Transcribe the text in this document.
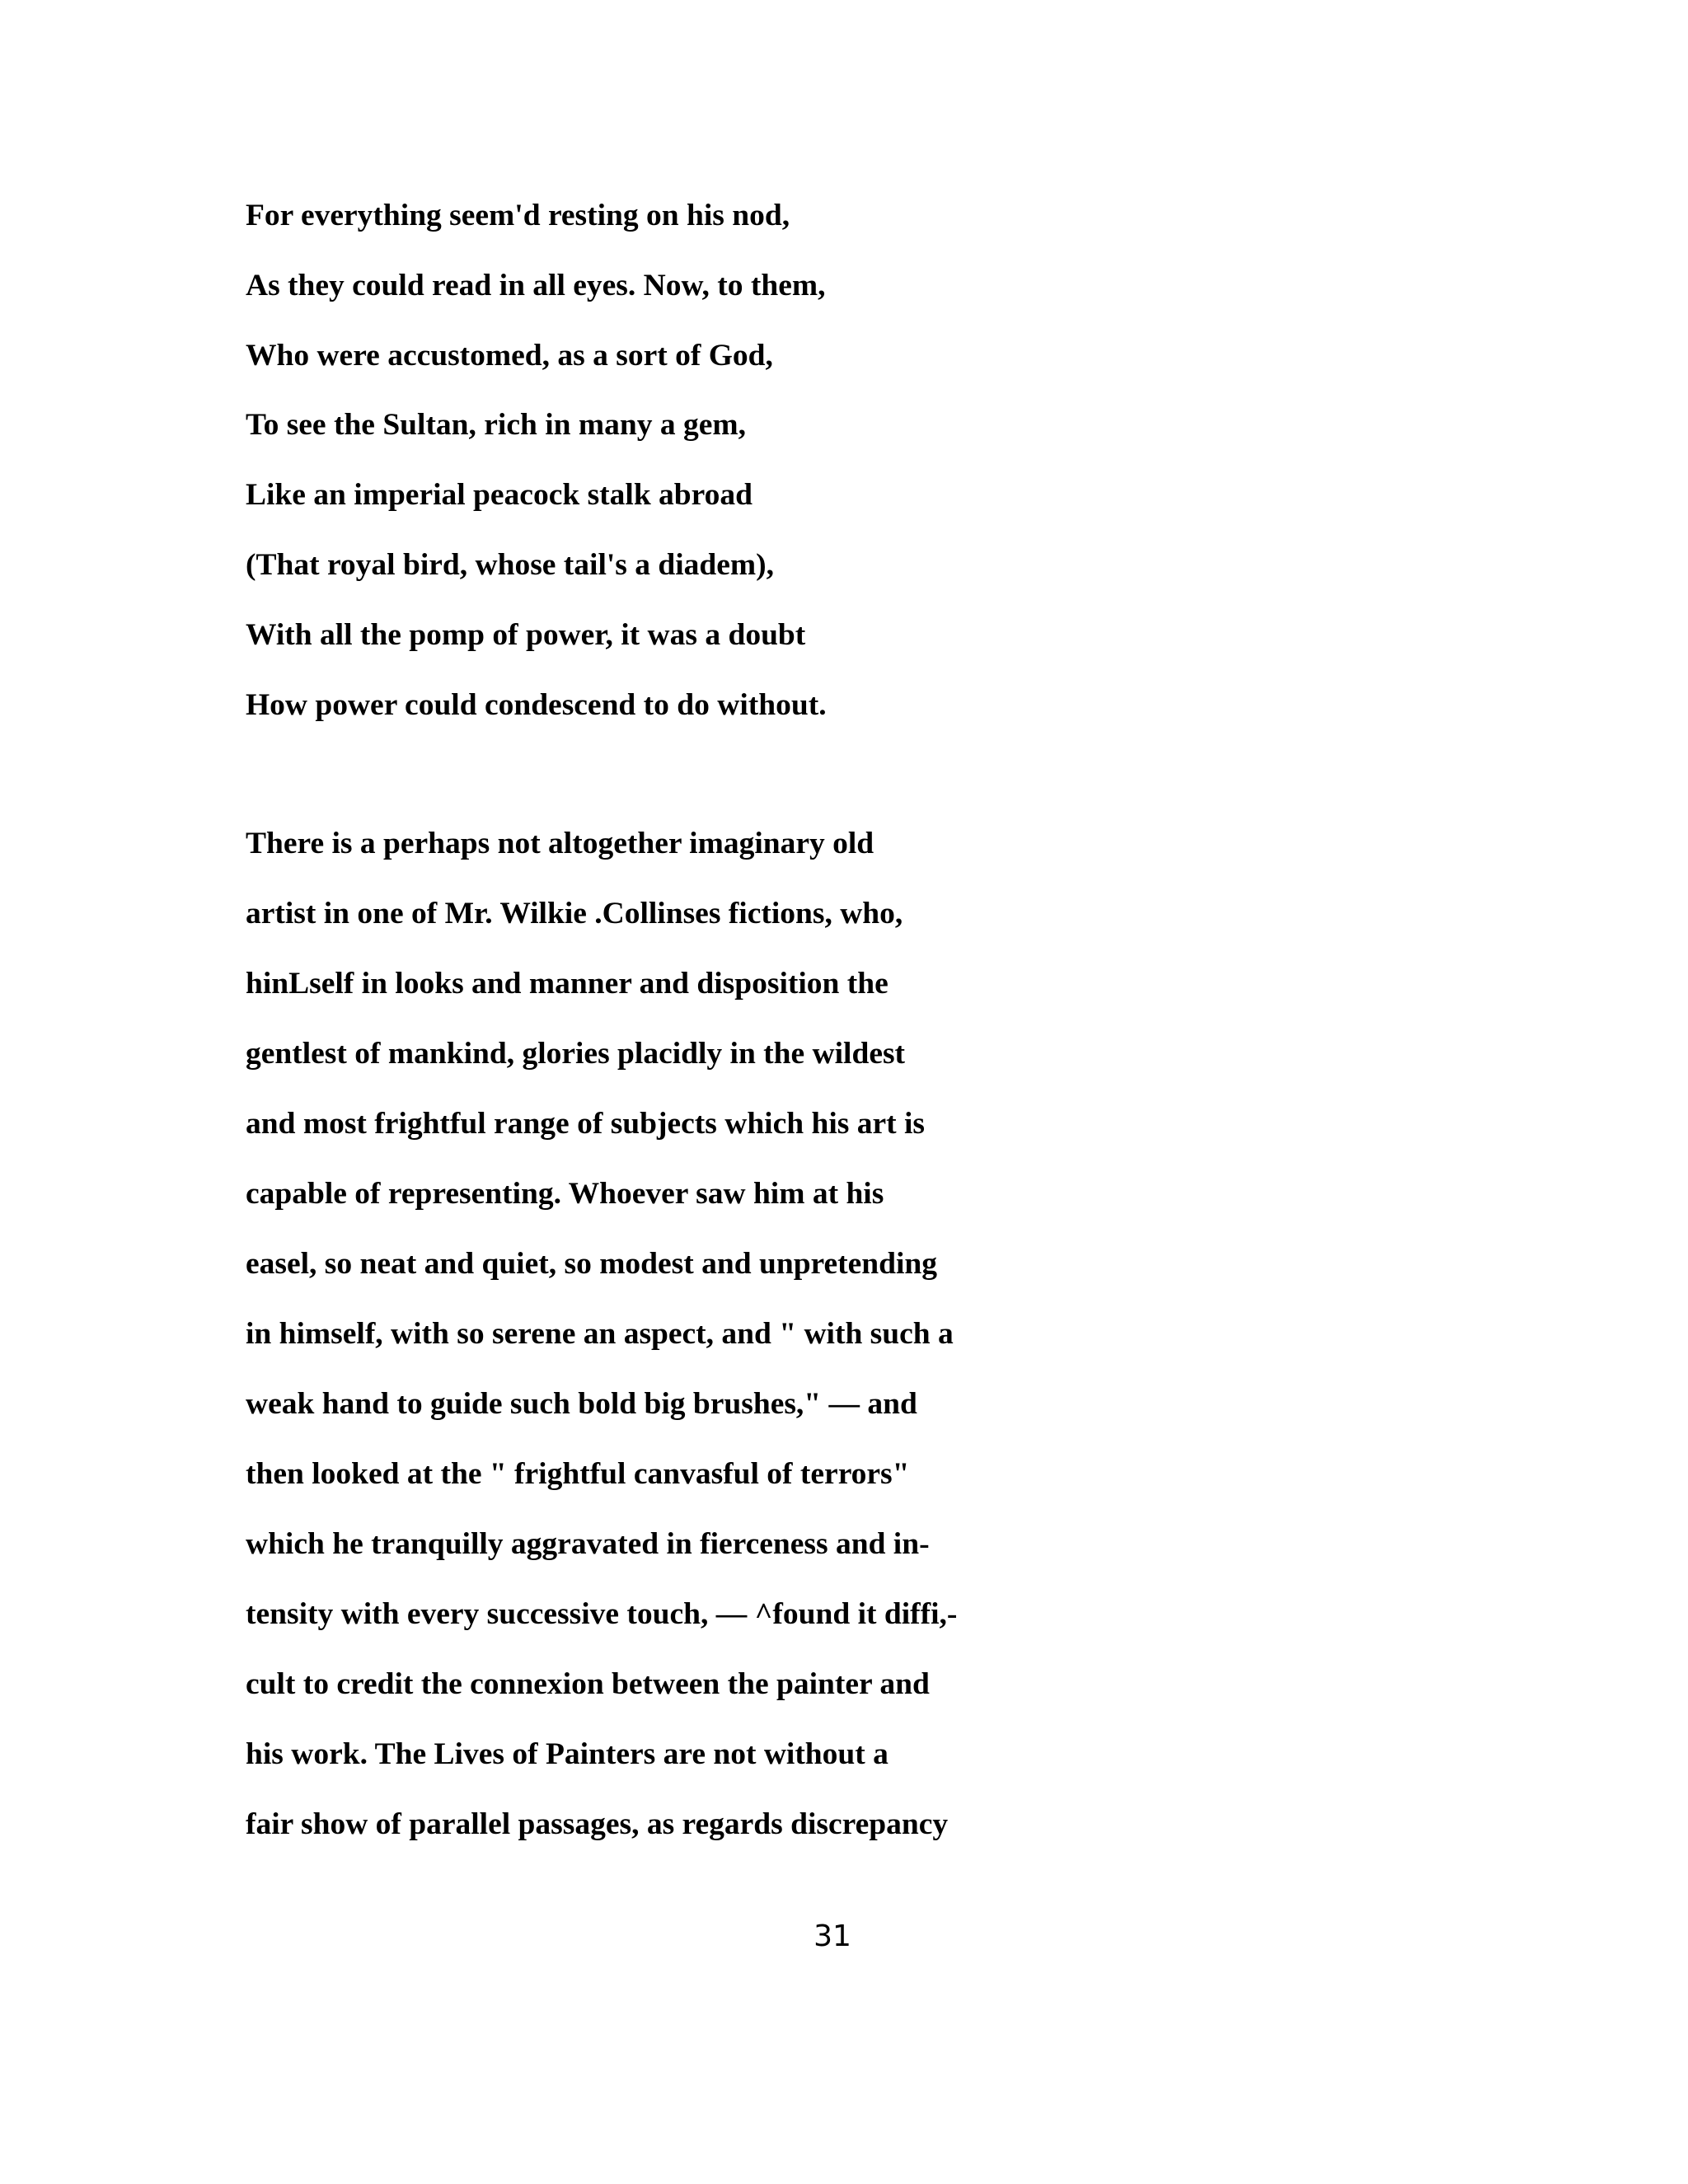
For everything seem'd resting on his nod,

As they could read in all eyes. Now, to them,

Who were accustomed, as a sort of God,

To see the Sultan, rich in many a gem,

Like an imperial peacock stalk abroad

(That royal bird, whose tail's a diadem),

With all the pomp of power, it was a doubt

How power could condescend to do without.

There is a perhaps not altogether imaginary old

artist in one of Mr. Wilkie .Collinses fictions, who,

hinLself in looks and manner and disposition the

gentlest of mankind, glories placidly in the wildest

and most frightful range of subjects which his art is

capable of representing. Whoever saw him at his

easel, so neat and quiet, so modest and unpretending

in himself, with so serene an aspect, and " with such a

weak hand to guide such bold big brushes," — and

then looked at the " frightful canvasful of terrors"

which he tranquilly aggravated in fierceness and in-

tensity with every successive touch, — ^found it diffi,-

cult to credit the connexion between the painter and

his work. The Lives of Painters are not without a

fair show of parallel passages, as regards discrepancy

31
